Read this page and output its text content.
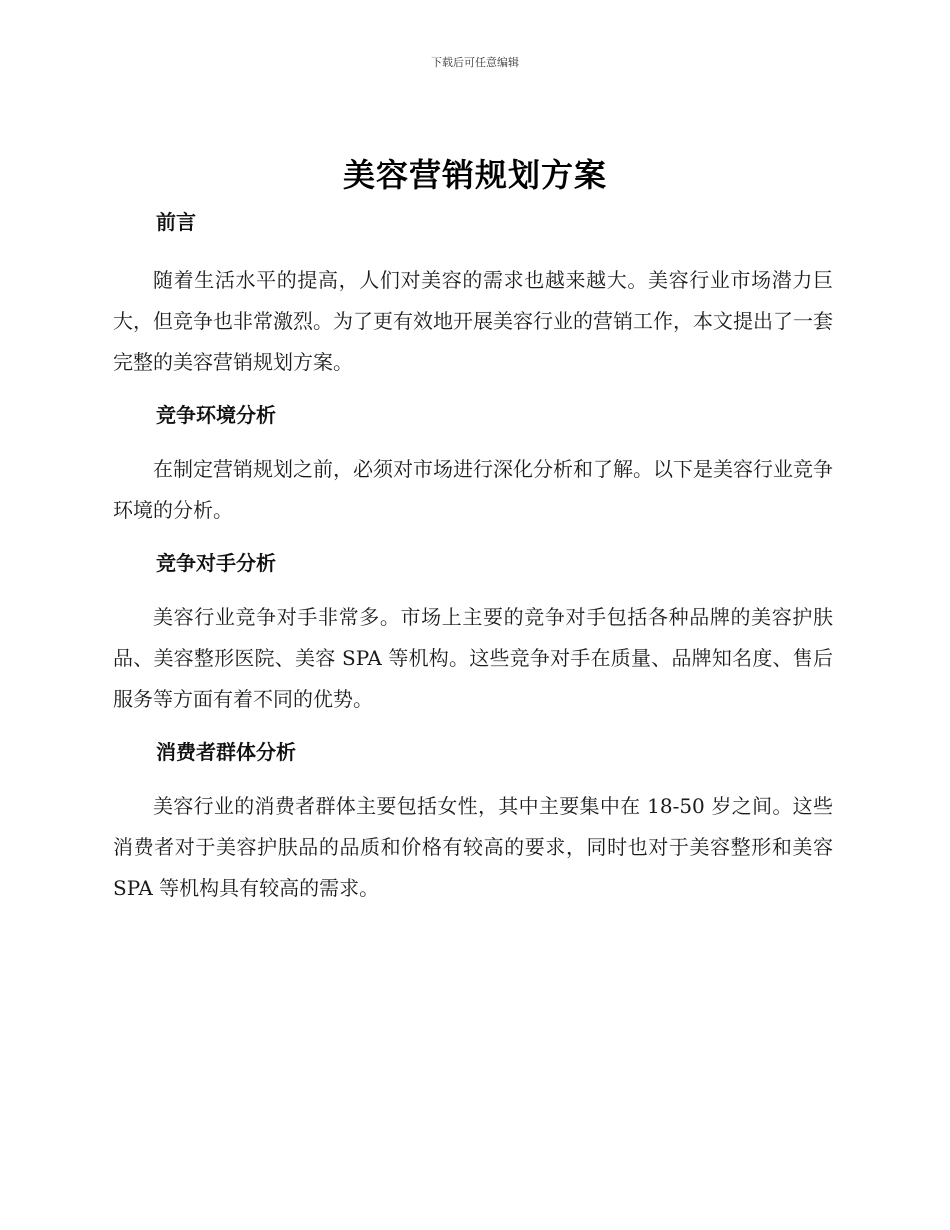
下载后可任意编辑
美容营销规划方案
前言

随着生活水平的提高，人们对美容的需求也越来越大。美容行业市场潜力巨大，但竞争也非常激烈。为了更有效地开展美容行业的营销工作，本文提出了一套完整的美容营销规划方案。

竞争环境分析

在制定营销规划之前，必须对市场进行深化分析和了解。以下是美容行业竞争环境的分析。

竞争对手分析

美容行业竞争对手非常多。市场上主要的竞争对手包括各种品牌的美容护肤品、美容整形医院、美容 SPA 等机构。这些竞争对手在质量、品牌知名度、售后服务等方面有着不同的优势。

消费者群体分析

美容行业的消费者群体主要包括女性，其中主要集中在 18-50 岁之间。这些消费者对于美容护肤品的品质和价格有较高的要求，同时也对于美容整形和美容 SPA 等机构具有较高的需求。
